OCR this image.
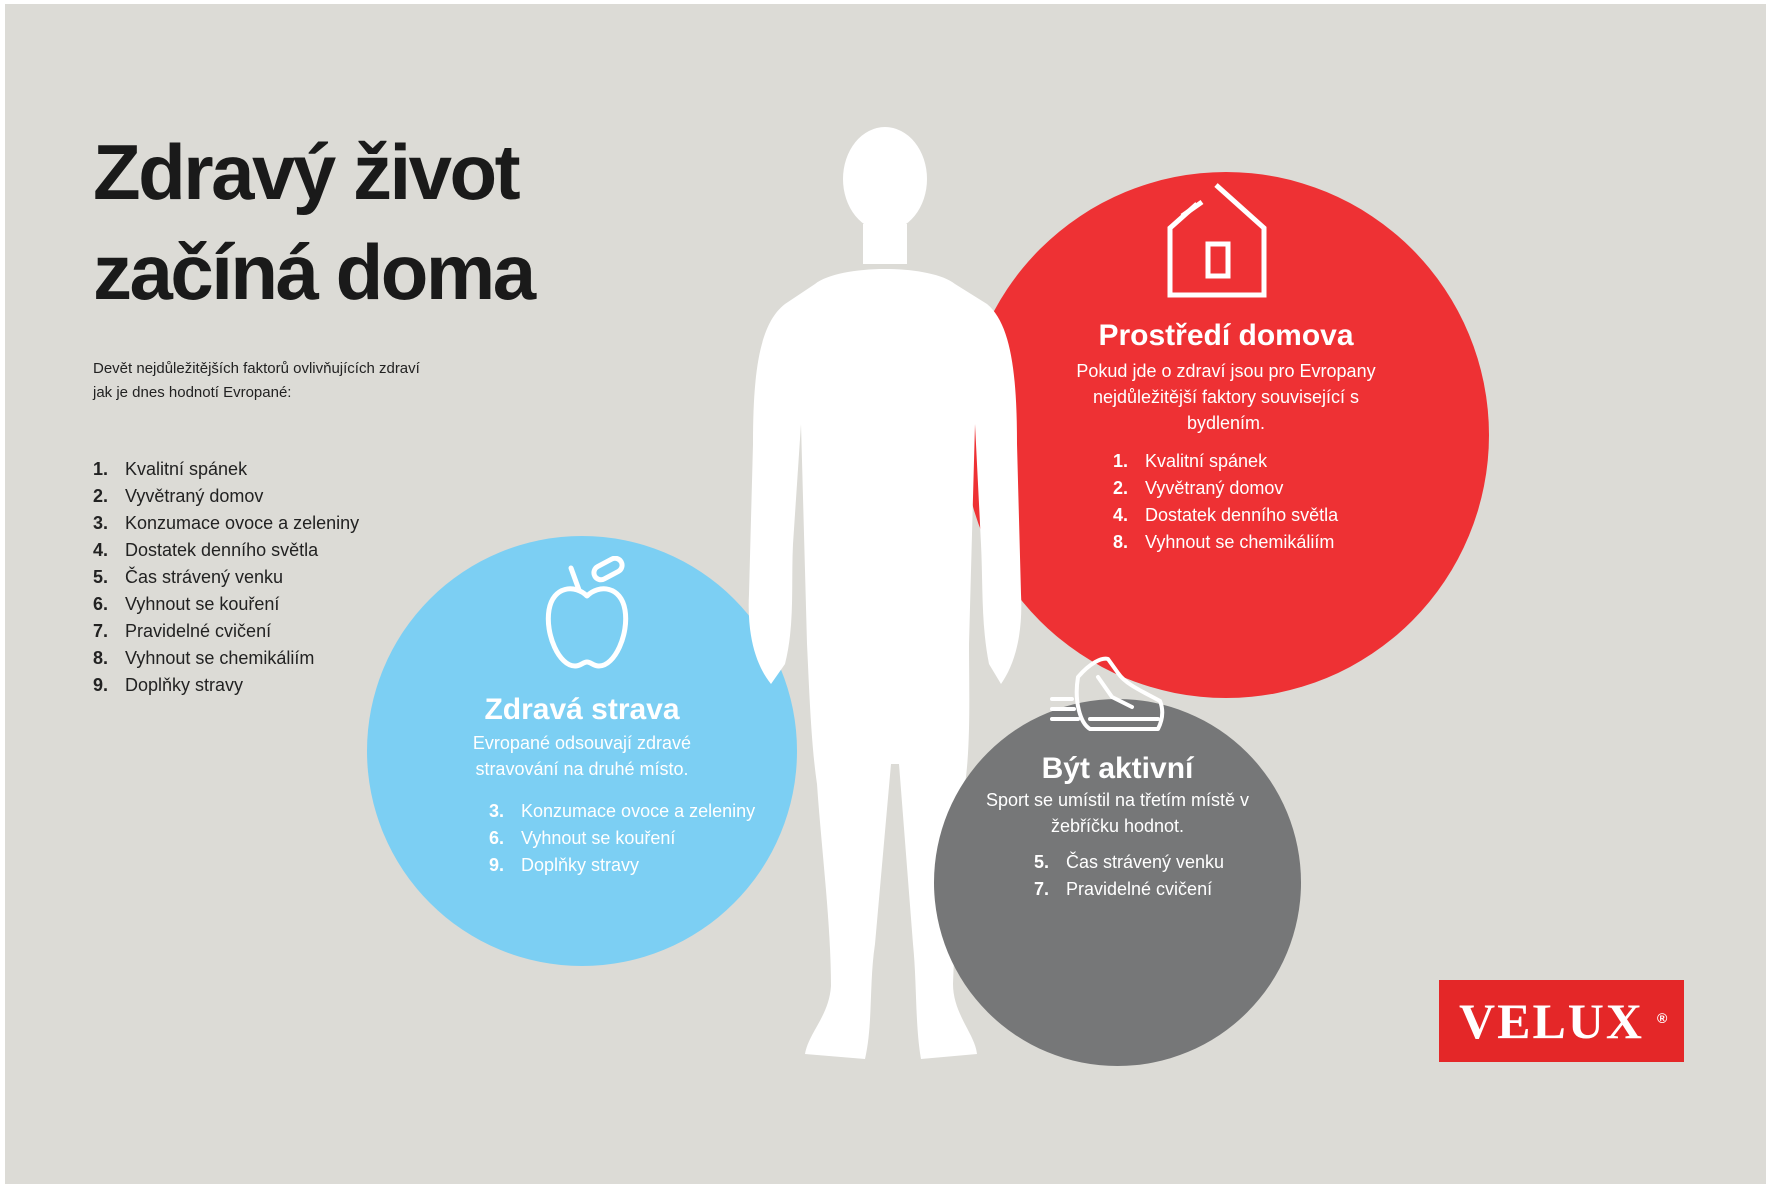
Zdravý život
začíná doma
Devět nejdůležitějších faktorů ovlivňujících zdraví jak je dnes hodnotí Evropané:
1. Kvalitní spánek
2. Vyvětraný domov
3. Konzumace ovoce a zeleniny
4. Dostatek denního světla
5. Čas strávený venku
6. Vyhnout se kouření
7. Pravidelné cvičení
8. Vyhnout se chemikáliím
9. Doplňky stravy
Prostředí domova
Pokud jde o zdraví jsou pro Evropany nejdůležitější faktory související s bydlením.
1. Kvalitní spánek
2. Vyvětraný domov
4. Dostatek denního světla
8. Vyhnout se chemikáliím
Zdravá strava
Evropané odsouvají zdravé stravování na druhé místo.
3. Konzumace ovoce a zeleniny
6. Vyhnout se kouření
9. Doplňky stravy
Být aktivní
Sport se umístil na třetím místě v žebříčku hodnot.
5. Čas strávený venku
7. Pravidelné cvičení
VELUX ®
